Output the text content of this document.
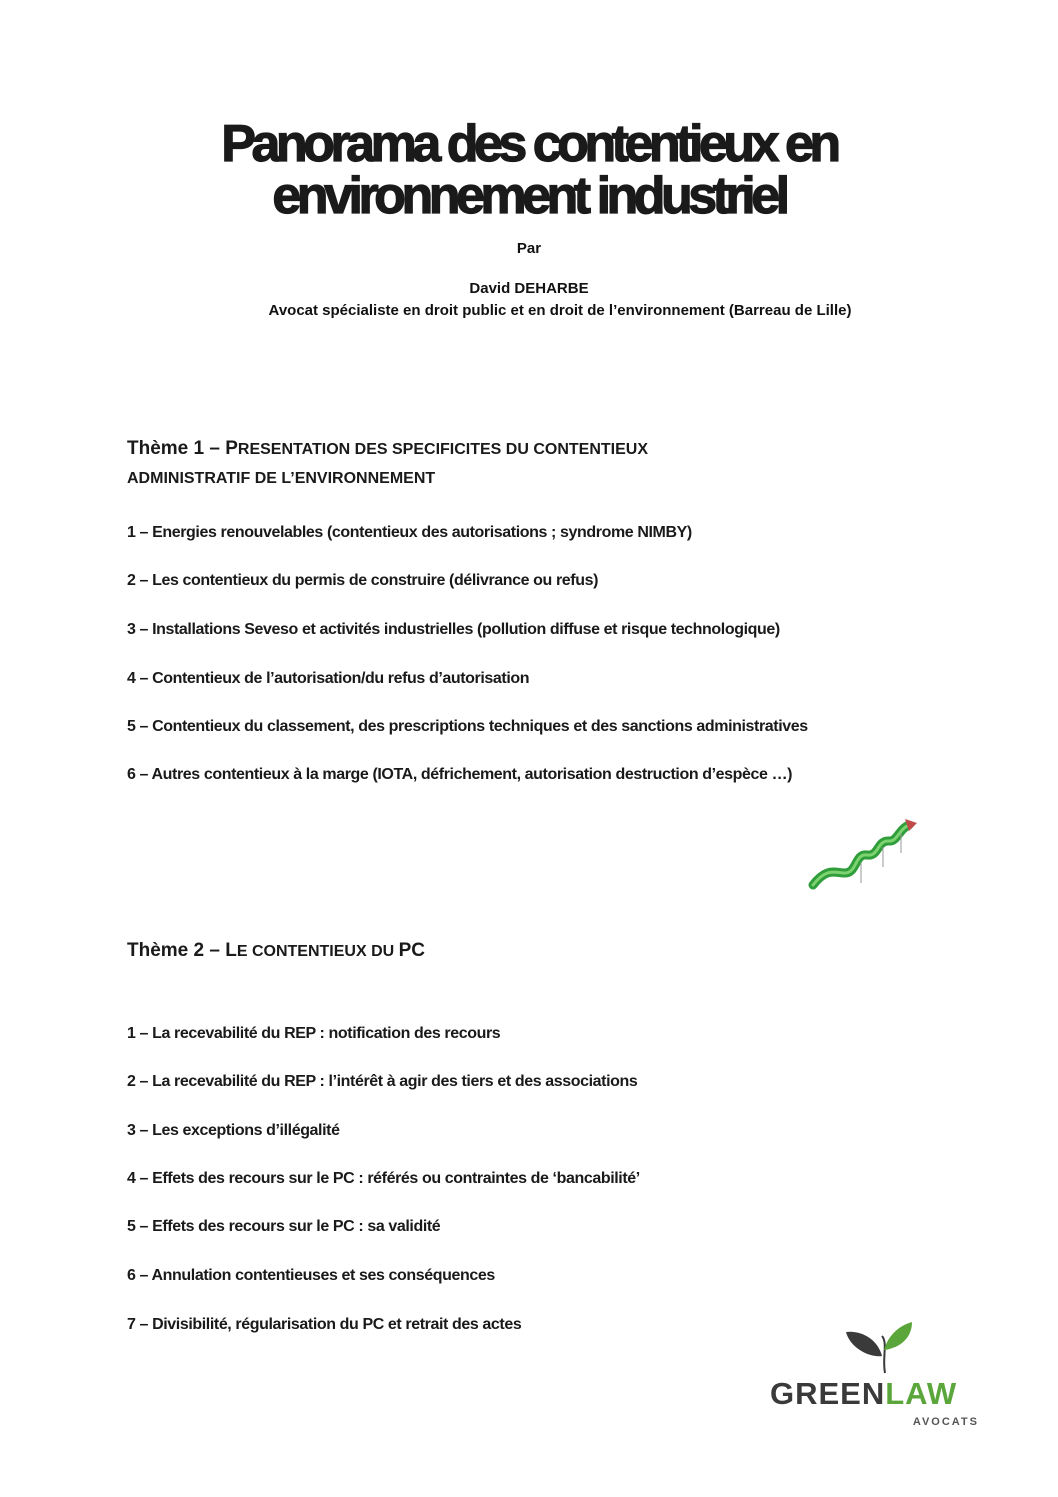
Panorama des contentieux en
environnement industriel
Par
David DEHARBE
Avocat spécialiste en droit public et en droit de l’environnement (Barreau de Lille)
Thème 1 – PRESENTATION DES SPECIFICITES DU CONTENTIEUX
ADMINISTRATIF DE L’ENVIRONNEMENT
1 – Energies renouvelables (contentieux des autorisations ; syndrome NIMBY)
2 – Les contentieux du permis de construire (délivrance ou refus)
3 – Installations Seveso et activités industrielles (pollution diffuse et risque technologique)
4 – Contentieux de l’autorisation/du refus d’autorisation
5 – Contentieux du classement, des prescriptions techniques et des sanctions administratives
6 – Autres contentieux à la marge (IOTA, défrichement, autorisation destruction d’espèce …)
Thème 2 – LE CONTENTIEUX DU PC
1 – La recevabilité du REP : notification des recours
2 – La recevabilité du REP : l’intérêt à agir des tiers et des associations
3 – Les exceptions d’illégalité
4 – Effets des recours sur le PC : référés ou contraintes de ‘bancabilité’
5 – Effets des recours sur le PC : sa validité
6 – Annulation contentieuses et ses conséquences
7 – Divisibilité, régularisation du PC et retrait des actes
GREENLAW
AVOCATS
